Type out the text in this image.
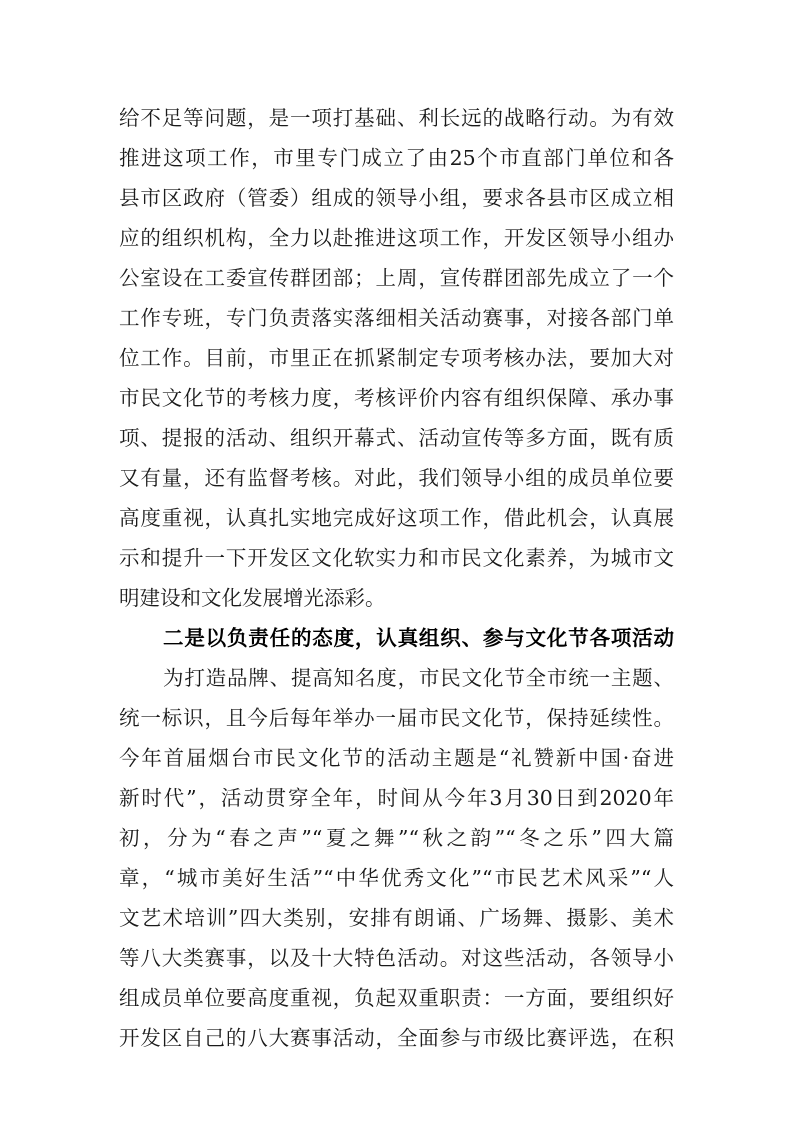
给不足等问题，是一项打基础、利长远的战略行动。为有效
推进这项工作，市里专门成立了由25个市直部门单位和各
县市区政府（管委）组成的领导小组，要求各县市区成立相
应的组织机构，全力以赴推进这项工作，开发区领导小组办
公室设在工委宣传群团部；上周，宣传群团部先成立了一个
工作专班，专门负责落实落细相关活动赛事，对接各部门单
位工作。目前，市里正在抓紧制定专项考核办法，要加大对
市民文化节的考核力度，考核评价内容有组织保障、承办事
项、提报的活动、组织开幕式、活动宣传等多方面，既有质
又有量，还有监督考核。对此，我们领导小组的成员单位要
高度重视，认真扎实地完成好这项工作，借此机会，认真展
示和提升一下开发区文化软实力和市民文化素养，为城市文
明建设和文化发展增光添彩。
二是以负责任的态度，认真组织、参与文化节各项活动
为打造品牌、提高知名度，市民文化节全市统一主题、
统一标识，且今后每年举办一届市民文化节，保持延续性。
今年首届烟台市民文化节的活动主题是“礼赞新中国·奋进
新时代”，活动贯穿全年，时间从今年3月30日到2020年
初，分为“春之声”“夏之舞”“秋之韵”“冬之乐”四大篇
章，“城市美好生活”“中华优秀文化”“市民艺术风采”“人
文艺术培训”四大类别，安排有朗诵、广场舞、摄影、美术
等八大类赛事，以及十大特色活动。对这些活动，各领导小
组成员单位要高度重视，负起双重职责：一方面，要组织好
开发区自己的八大赛事活动，全面参与市级比赛评选，在积
